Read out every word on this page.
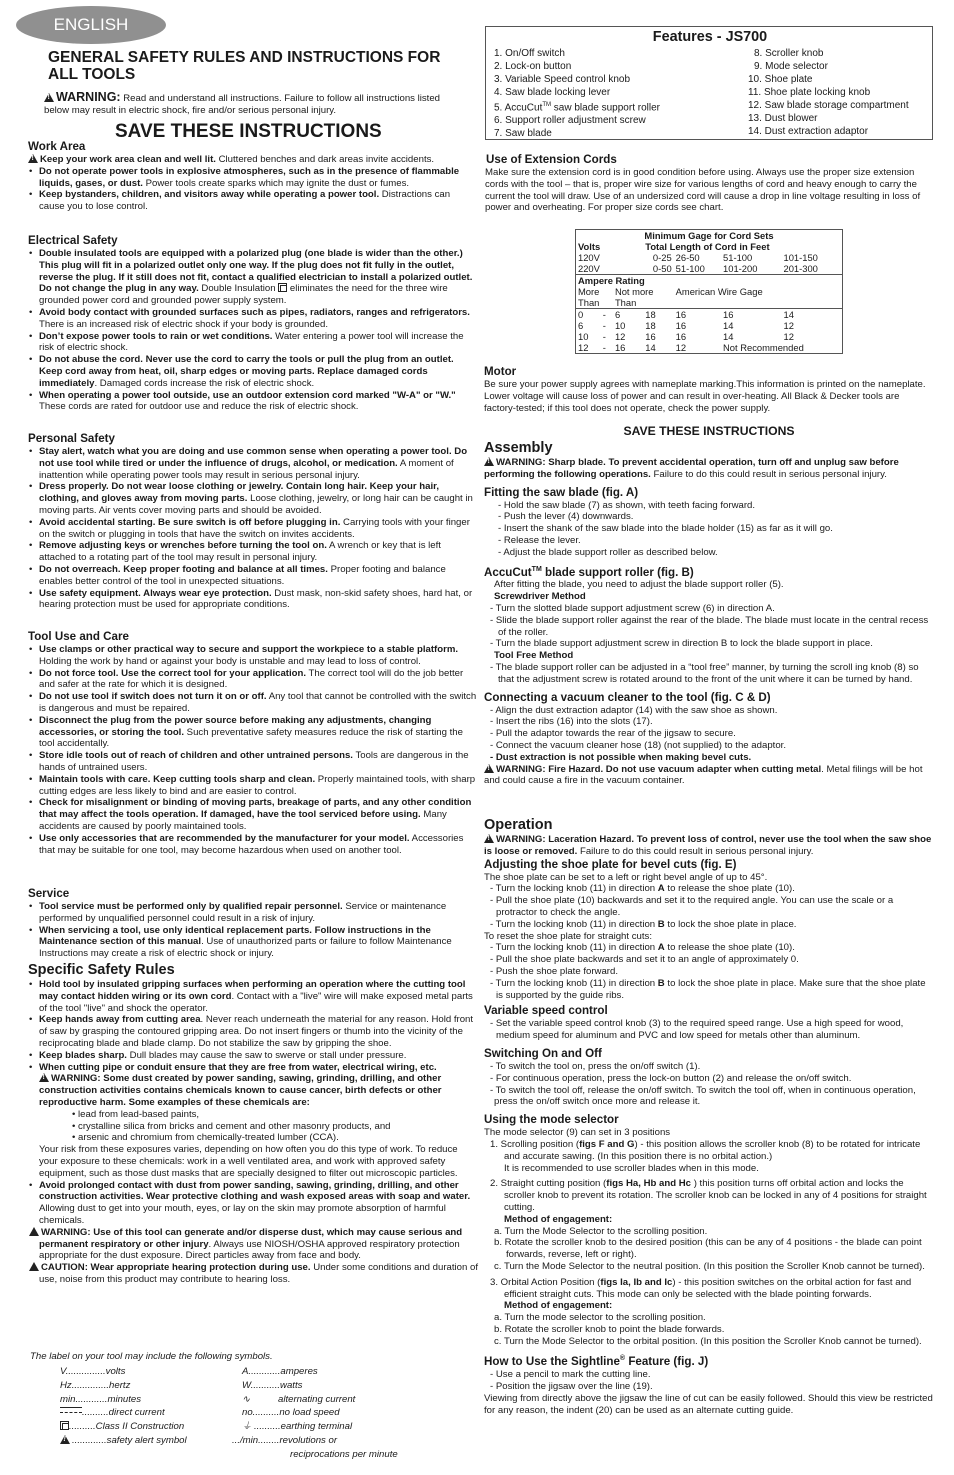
ENGLISH
GENERAL SAFETY RULES AND INSTRUCTIONS FOR ALL TOOLS

!WARNING: Read and understand all instructions. Failure to follow all instructions listed below may result in electric shock, fire and/or serious personal injury.

SAVE THESE INSTRUCTIONS
Work Area

!Keep your work area clean and well lit. Cluttered benches and dark areas invite accidents.

• Do not operate power tools in explosive atmospheres, such as in the presence of flammable liquids, gases, or dust. Power tools create sparks which may ignite the dust or fumes.

• Keep bystanders, children, and visitors away while operating a power tool. Distractions can cause you to lose control.

Electrical Safety

• Double insulated tools are equipped with a polarized plug (one blade is wider than the other.) This plug will fit in a polarized outlet only one way. If the plug does not fit fully in the outlet, reverse the plug. If it still does not fit, contact a qualified electrician to install a polarized outlet. Do not change the plug in any way. Double Insulation  eliminates the need for the three wire grounded power cord and grounded power supply system.

• Avoid body contact with grounded surfaces such as pipes, radiators, ranges and refrigerators. There is an increased risk of electric shock if your body is grounded.

• Don’t expose power tools to rain or wet conditions. Water entering a power tool will increase the risk of electric shock.

• Do not abuse the cord. Never use the cord to carry the tools or pull the plug from an outlet. Keep cord away from heat, oil, sharp edges or moving parts. Replace damaged cords immediately. Damaged cords increase the risk of electric shock.

• When operating a power tool outside, use an outdoor extension cord marked "W-A" or "W." These cords are rated for outdoor use and reduce the risk of electric shock.

Personal Safety

• Stay alert, watch what you are doing and use common sense when operating a power tool. Do not use tool while tired or under the influence of drugs, alcohol, or medication. A moment of inattention while operating power tools may result in serious personal injury.

• Dress properly. Do not wear loose clothing or jewelry. Contain long hair. Keep your hair, clothing, and gloves away from moving parts. Loose clothing, jewelry, or long hair can be caught in moving parts. Air vents cover moving parts and should be avoided.

• Avoid accidental starting. Be sure switch is off before plugging in. Carrying tools with your finger on the switch or plugging in tools that have the switch on invites accidents.

• Remove adjusting keys or wrenches before turning the tool on. A wrench or key that is left attached to a rotating part of the tool may result in personal injury.

• Do not overreach. Keep proper footing and balance at all times. Proper footing and balance enables better control of the tool in unexpected situations.

• Use safety equipment. Always wear eye protection. Dust mask, non-skid safety shoes, hard hat, or hearing protection must be used for appropriate conditions.

Tool Use and Care

• Use clamps or other practical way to secure and support the workpiece to a stable platform. Holding the work by hand or against your body is unstable and may lead to loss of control.

• Do not force tool. Use the correct tool for your application. The correct tool will do the job better and safer at the rate for which it is designed.

• Do not use tool if switch does not turn it on or off. Any tool that cannot be controlled with the switch is dangerous and must be repaired.

• Disconnect the plug from the power source before making any adjustments, changing accessories, or storing the tool. Such preventative safety measures reduce the risk of starting the tool accidentally.

• Store idle tools out of reach of children and other untrained persons. Tools are dangerous in the hands of untrained users.

• Maintain tools with care. Keep cutting tools sharp and clean. Properly maintained tools, with sharp cutting edges are less likely to bind and are easier to control.

• Check for misalignment or binding of moving parts, breakage of parts, and any other condition that may affect the tools operation. If damaged, have the tool serviced before using. Many accidents are caused by poorly maintained tools.

• Use only accessories that are recommended by the manufacturer for your model. Accessories that may be suitable for one tool, may become hazardous when used on another tool.

Service

• Tool service must be performed only by qualified repair personnel. Service or maintenance performed by unqualified personnel could result in a risk of injury.

• When servicing a tool, use only identical replacement parts. Follow instructions in the Maintenance section of this manual. Use of unauthorized parts or failure to follow Maintenance Instructions may create a risk of electric shock or injury.

Specific Safety Rules

• Hold tool by insulated gripping surfaces when performing an operation where the cutting tool may contact hidden wiring or its own cord. Contact with a "live" wire will make exposed metal parts of the tool "live" and shock the operator.

• Keep hands away from cutting area. Never reach underneath the material for any reason. Hold front of saw by grasping the contoured gripping area. Do not insert fingers or thumb into the vicinity of the reciprocating blade and blade clamp. Do not stabilize the saw by gripping the shoe.

• Keep blades sharp. Dull blades may cause the saw to swerve or stall under pressure.

• When cutting pipe or conduit ensure that they are free from water, electrical wiring, etc.

!WARNING: Some dust created by power sanding, sawing, grinding, drilling, and other construction activities contains chemicals known to cause cancer, birth defects or other reproductive harm. Some examples of these chemicals are:

• lead from lead-based paints,

• crystalline silica from bricks and cement and other masonry products, and

• arsenic and chromium from chemically-treated lumber (CCA).

Your risk from these exposures varies, depending on how often you do this type of work. To reduce your exposure to these chemicals: work in a well ventilated area, and work with approved safety equipment, such as those dust masks that are specially designed to filter out microscopic particles.

• Avoid prolonged contact with dust from power sanding, sawing, grinding, drilling, and other construction activities. Wear protective clothing and wash exposed areas with soap and water. Allowing dust to get into your mouth, eyes, or lay on the skin may promote absorption of harmful chemicals.

!WARNING: Use of this tool can generate and/or disperse dust, which may cause serious and permanent respiratory or other injury. Always use NIOSH/OSHA approved respiratory protection appropriate for the dust exposure. Direct particles away from face and body.

!CAUTION: Wear appropriate hearing protection during use. Under some conditions and duration of use, noise from this product may contribute to hearing loss.

The label on your tool may include the following symbols.

V...............volts

Hz..............hertz

min............minutes

..........direct current

..........Class II Construction

!.............safety alert symbol

A............amperes

W...........watts

∿	alternating current

no..........no load speed

⏚ ..........earthing terminal

.../min........revolutions or

reciprocations per minute

Features - JS700

1. On/Off switch

2. Lock-on button

3. Variable Speed control knob

4. Saw blade locking lever

5. AccuCut™ saw blade support roller

6. Support roller adjustment screw

7. Saw blade

8. Scroller knob

9. Mode selector

10. Shoe plate

11. Shoe plate locking knob

12. Saw blade storage compartment

13. Dust blower

14. Dust extraction adaptor

Use of Extension Cords

Make sure the extension cord is in good condition before using. Always use the proper size extension cords with the tool – that is, proper wire size for various lengths of cord and heavy enough to carry the current the tool will draw. Use of an undersized cord will cause a drop in line voltage resulting in loss of power and overheating. For proper size cords see chart.

Minimum Gage for Cord Sets						
Volts			Total Length of Cord in Feet			
120V		0-25		26-50	51-100	101-150
220V		0-50		51-100	101-200	201-300
Ampere Rating						
More		Not more		American Wire Gage		
Than		Than				
0	-	6	18	16	16	14
6	-	10	18	16	14	12
10	-	12	16	16	14	12
12	-	16	14	12	Not Recommended	
Motor

Be sure your power supply agrees with nameplate marking.This information is printed on the nameplate. Lower voltage will cause loss of power and can result in over-heating. All Black & Decker tools are factory-tested; if this tool does not operate, check the power supply.

SAVE THESE INSTRUCTIONS
Assembly

!WARNING: Sharp blade. To prevent accidental operation, turn off and unplug saw before performing the following operations. Failure to do this could result in serious personal injury.

Fitting the saw blade (fig. A)

- Hold the saw blade (7) as shown, with teeth facing forward.

- Push the lever (4) downwards.

- Insert the shank of the saw blade into the blade holder (15) as far as it will go.

- Release the lever.

- Adjust the blade support roller as described below.

AccuCut™ blade support roller (fig. B)

After fitting the blade, you need to adjust the blade support roller (5).

Screwdriver Method

- Turn the slotted blade support adjustment screw (6) in direction A.

- Slide the blade support roller against the rear of the blade. The blade must locate in the central recess of the roller.

- Turn the blade support adjustment screw in direction B to lock the blade support in place.

Tool Free Method

- The blade support roller can be adjusted in a “tool free” manner, by turning the scroll ing knob (8) so that the adjustment screw is rotated around to the front of the unit where it can be turned by hand.

Connecting a vacuum cleaner to the tool (fig. C & D)

- Align the dust extraction adaptor (14) with the saw shoe as shown.

- Insert the ribs (16) into the slots (17).

- Pull the adaptor towards the rear of the jigsaw to secure.

- Connect the vacuum cleaner hose (18) (not supplied) to the adaptor.

- Dust extraction is not possible when making bevel cuts.

!WARNING: Fire Hazard. Do not use vacuum adapter when cutting metal. Metal filings will be hot and could cause a fire in the vacuum container.

Operation

!WARNING: Laceration Hazard. To prevent loss of control, never use the tool when the saw shoe is loose or removed. Failure to do this could result in serious personal injury.

Adjusting the shoe plate for bevel cuts (fig. E)

The shoe plate can be set to a left or right bevel angle of up to 45°.

- Turn the locking knob (11) in direction A to release the shoe plate (10).

- Pull the shoe plate (10) backwards and set it to the required angle. You can use the scale or a protractor to check the angle.

- Turn the locking knob (11) in direction B to lock the shoe plate in place.

To reset the shoe plate for straight cuts:

- Turn the locking knob (11) in direction A to release the shoe plate (10).

- Pull the shoe plate backwards and set it to an angle of approximately 0.

- Push the shoe plate forward.

- Turn the locking knob (11) in direction B to lock the shoe plate in place. Make sure that the shoe plate is supported by the guide ribs.

Variable speed control

- Set the variable speed control knob (3) to the required speed range. Use a high speed for wood, medium speed for aluminum and PVC and low speed for metals other than aluminum.

Switching On and Off

- To switch the tool on, press the on/off switch (1).

- For continuous operation, press the lock-on button (2) and release the on/off switch.

- To switch the tool off, release the on/off switch. To switch the tool off, when in continuous operation, press the on/off switch once more and release it.

Using the mode selector

The mode selector (9) can set in 3 positions

1. Scrolling position (figs F and G) - this position allows the scroller knob (8) to be rotated for intricate and accurate sawing. (In this position there is no orbital action.)

It is recommended to use scroller blades when in this mode.

2. Straight cutting position (figs Ha, Hb and Hc ) this position turns off orbital action and locks the scroller knob to prevent its rotation. The scroller knob can be locked in any of 4 positions for straight cutting.

Method of engagement:

a. Turn the Mode Selector to the scrolling position.

b. Rotate the scroller knob to the desired position (this can be any of 4 positions - the blade can point forwards, reverse, left or right).

c. Turn the Mode Selector to the neutral position. (In this position the Scroller Knob cannot be turned).

3. Orbital Action Position (figs Ia, Ib and Ic) - this position switches on the orbital action for fast and efficient straight cuts. This mode can only be selected with the blade pointing forwards.

Method of engagement:

a. Turn the mode selector to the scrolling position.

b. Rotate the scroller knob to point the blade forwards.

c. Turn the Mode Selector to the orbital position. (In this position the Scroller Knob cannot be turned).

How to Use the Sightline® Feature (fig. J)

- Use a pencil to mark the cutting line.

- Position the jigsaw over the line (19).

Viewing from directly above the jigsaw the line of cut can be easily followed. Should this view be restricted for any reason, the indent (20) can be used as an alternate cutting guide.
